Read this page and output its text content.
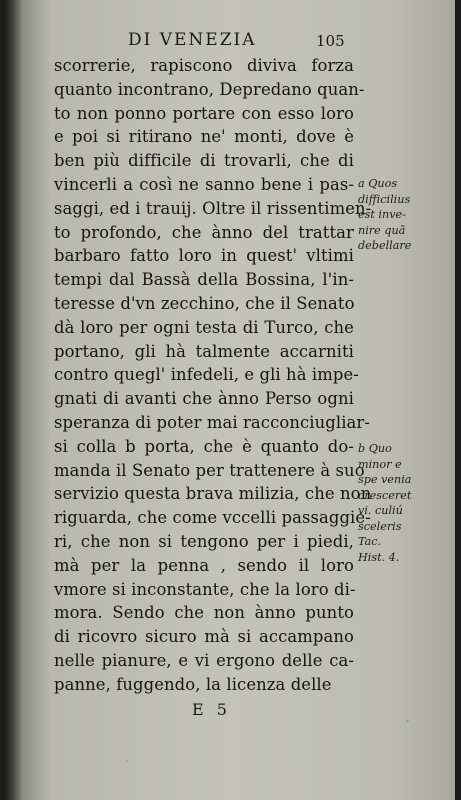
DI VENEZIA	105
scorrerie, rapiscono diviva forza
quanto incontrano, Depredano quan-
to non ponno portare con esso loro
e poi si ritirano ne' monti, dove è
ben più difficile di trovarli, che di
vincerli a così ne sanno bene i pas-
saggi, ed i trauij. Oltre il rissentimen-
to profondo, che ànno del trattar
barbaro fatto loro in quest' vltimi
tempi dal Bassà della Bossina, l'in-
teresse d'vn zecchino, che il Senato
dà loro per ogni testa di Turco, che
portano, gli hà talmente accarniti
contro quegl' infedeli, e gli hà impe-
gnati di avanti che ànno Perso ogni
speranza di poter mai racconciugliar-
si colla b porta, che è quanto do-
manda il Senato per trattenere à suo
servizio questa brava milizia, che non
riguarda, che come vccelli passaggie-
ri, che non si tengono per i piedi,
mà per la penna , sendo il loro
vmore si inconstante, che la loro di-
mora. Sendo che non ànno punto
di ricovro sicuro mà si accampano
nelle pianure, e vi ergono delle ca-
panne, fuggendo, la licenza delle
a Quos
difficilius
est inve-
nire quã
debellare
b Quo
minor e
spe venia
cresceret
vi. culiú
sceleris
Tac.
Hist. 4.
E 5
